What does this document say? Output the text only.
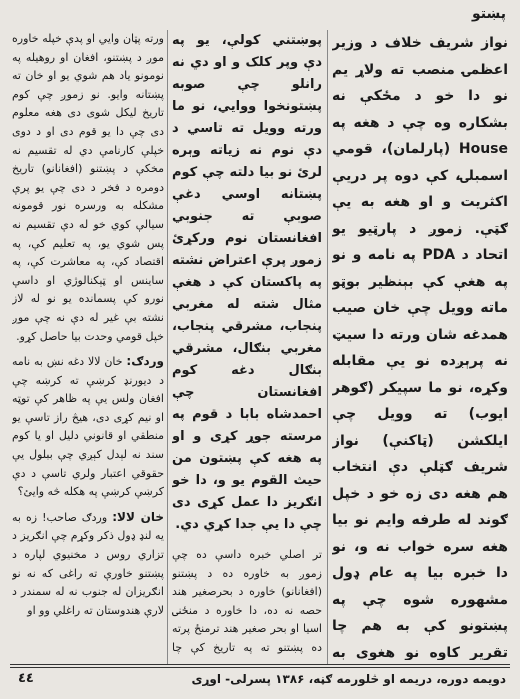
پښتو

نواز شريف خلاف د وزير اعظمۍ منصب ته ولاړ يم نو دا خو د مځکې نه بشکاره وه چې د هغه په House (پارلمان)، قومي اسمبلۍ، کې دوه پر دريې اکثريت و او هغه به يې ګټې. زموږ د پارټيو يو اتحاد د PDA په نامه و نو په هغې کې بېنظير بوټو ماته وويل چې خان صيب همدغه شان ورته دا سيټ نه پرېږده نو يې مقابله وکړه، نو ما سپيکر (ګوهر ايوب) ته وويل چې ايلکشن (ټاکنې) نواز شريف ګټلې دې انتخاب هم هغه دی زه خو د خپل ګوند له طرفه وايم نو بيا هغه سره خواب نه و، نو دا خبره بيا په عام ډول مشهوره شوه چې په پښتونو کې به هم چا تقرير کاوه نو هغوی به

پوښتني کولې، يو په دې وپر کلک و او دي نه رانلو چې صوبه پښتونخوا ووايي، نو ما ورته وويل ته تاسي د دې نوم نه زياته وېره لرئ نو بيا دلته چې کوم پښتانه اوسي دغې صوبې ته جنوبي افغانستان نوم ورکړئ زموږ پرې اعتراض نشته په پاکستان کې د هغې مثال شته له مغربي پنجاب، مشرقي پنجاب، مغربي بنګال، مشرقي بنګال دغه کوم افغانستان چې احمدشاه بابا د قوم په مرسته جوړ کړی و او په هغه کې پښتون من حيث القوم يو و، دا خو انګريز دا عمل کړی دی چې دا يې جدا کړي دي.

تر اصلي خبره داسې ده چې زموږ به خاوره ده د پښتنو (افغانانو) خاوره د بحرصغير هند حصه نه ده، دا خاوره د منځنۍ اسيا او بحر صغير هند ترمنځ پرته ده پښتنو ته په تاريخ کې چا

ورته پټان وايي او پدې خپله خاوره موږ د پښتنو، افغان او روهيله په نومونو ياد هم شوي يو او خان ته پښتانه وايو. نو زموږ چې کوم تاريخ ليکل شوی دی هغه معلوم دی چې دا يو قوم دی او د دوی خپلې کارنامې دي له تقسيم نه مخکې د پښتنو (افغانانو) تاريخ دومره د فخر د دی چې يو پرې مشکله به ورسره نور قومونه سيالې کوي خو له دې تقسيم نه پس شوي يو، په تعليم کې، په اقتصاد کې، په معاشرت کې، په ساينس او ټېکنالوژي او داسې نورو کې پسمانده يو نو له لاز نشته بې غير له دې نه چې موږ خپل قومي وحدت بيا حاصل کړو.

وردګ: خان لالا دغه نښ به نامه د ديورنډ کرښې ته کرښه چې افغان ولس يې په ظاهر کې توټه او نيم کړی دی، هيڅ راز تاسې يو منطقي او قانوني دليل او يا کوم سند نه لېدل کېږي چې ببلول يې حقوقي اعتبار ولري تاسې د دې کرښې کرښې په هکله څه وايئ؟

خان لالا: وردګ صاحب! زه به يه لنډ ډول ذکر وکړم چې انګريز د تزاري روس د مخنيوي لپاره د پښتنو خاورې ته راغی که نه نو انګريزان له جنوب نه له سمندر د لارې هندوستان ته راغلي وو او

دويمه دوره، دريمه او څلورمه ګڼه، ۱۳۸۶ پسرلی- اوړی
٤٤
